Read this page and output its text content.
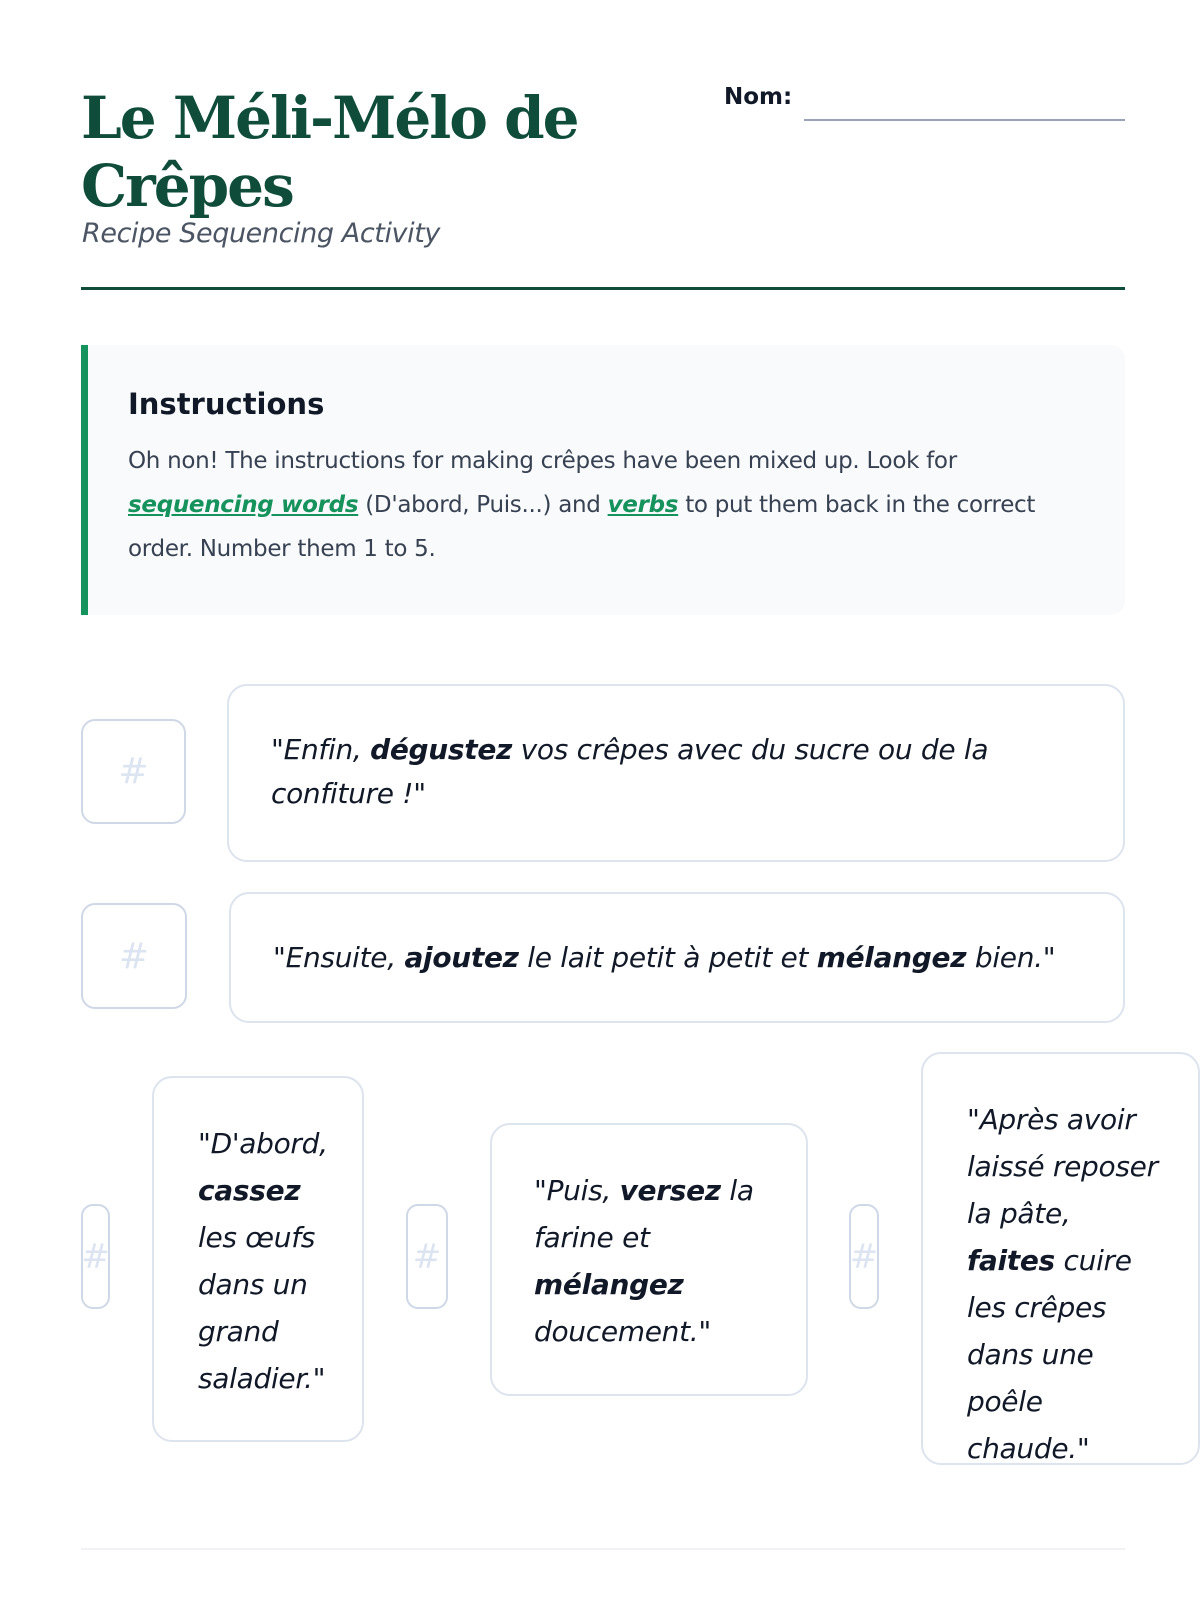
Le Méli-Mélo de Crêpes
Recipe Sequencing Activity
Nom:
Instructions

Oh non! The instructions for making crêpes have been mixed up. Look for sequencing words (D'abord, Puis...) and verbs to put them back in the correct order. Number them 1 to 5.

#
"Enfin, dégustez vos crêpes avec du sucre ou de la confiture !"
#	"Ensuite, ajoutez le lait petit à petit et mélangez bien."
#
"D'abord, cassez les œufs dans un grand saladier."
#
"Puis, versez la farine et mélangez doucement."
#
"Après avoir laissé reposer la pâte, faites cuire les crêpes dans une poêle chaude."
